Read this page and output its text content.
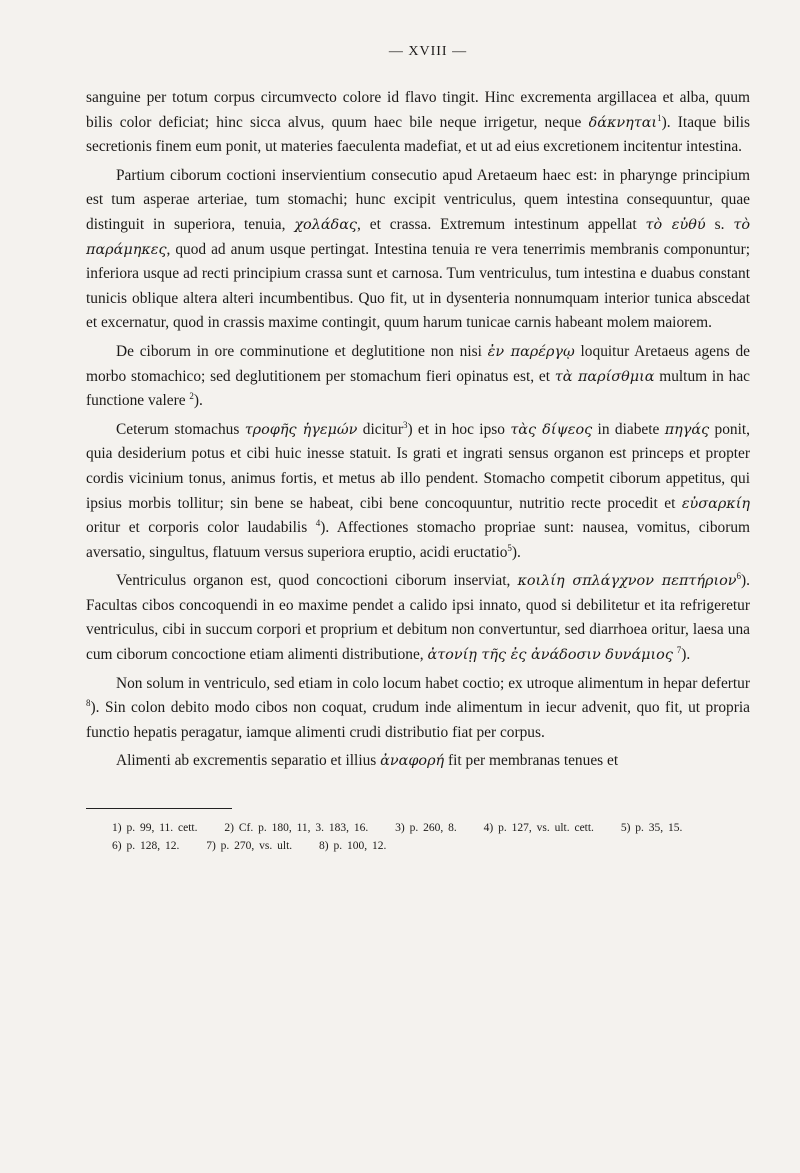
— XVIII —

sanguine per totum corpus circumvecto colore id flavo tingit. Hinc excrementa argillacea et alba, quum bilis color deficiat; hinc sicca alvus, quum haec bile neque irrigetur, neque δάκνηται$^1$). Itaque bilis secretionis finem eum ponit, ut materies faeculenta madefiat, et ut ad eius excretionem incitentur intestina.

Partium ciborum coctioni inservientium consecutio apud Aretaeum haec est: in pharynge principium est tum asperae arteriae, tum stomachi; hunc excipit ventriculus, quem intestina consequuntur, quae distinguit in superiora, tenuia, χολάδας, et crassa. Extremum intestinum appellat τὸ εὐθύ s. τὸ παράμηκες, quod ad anum usque pertingat. Intestina tenuia re vera tenerrimis membranis componuntur; inferiora usque ad recti principium crassa sunt et carnosa. Tum ventriculus, tum intestina e duabus constant tunicis oblique altera alteri incumbentibus. Quo fit, ut in dysenteria nonnumquam interior tunica abscedat et excernatur, quod in crassis maxime contingit, quum harum tunicae carnis habeant molem maiorem.

De ciborum in ore comminutione et deglutitione non nisi ἐν παρέργῳ loquitur Aretaeus agens de morbo stomachico; sed deglutitionem per stomachum fieri opinatus est, et τὰ παρίσθμια multum in hac functione valere $^2$).

Ceterum stomachus τροφῆς ἡγεμών dicitur$^3$) et in hoc ipso τὰς δίψεος in diabete πηγάς ponit, quia desiderium potus et cibi huic inesse statuit. Is grati et ingrati sensus organon est princeps et propter cordis vicinium tonus, animus fortis, et metus ab illo pendent. Stomacho competit ciborum appetitus, qui ipsius morbis tollitur; sin bene se habeat, cibi bene concoquuntur, nutritio recte procedit et εὐσαρκίη oritur et corporis color laudabilis $^4$). Affectiones stomacho propriae sunt: nausea, vomitus, ciborum aversatio, singultus, flatuum versus superiora eruptio, acidi eructatio$^5$).

Ventriculus organon est, quod concoctioni ciborum inserviat, κοιλίη σπλάγχνον πεπτήριον$^6$). Facultas cibos concoquendi in eo maxime pendet a calido ipsi innato, quod si debilitetur et ita refrigeretur ventriculus, cibi in succum corpori et proprium et debitum non convertuntur, sed diarrhoea oritur, laesa una cum ciborum concoctione etiam alimenti distributione, ἀτονίῃ τῆς ἐς ἀνάδοσιν δυνάμιος $^7$).

Non solum in ventriculo, sed etiam in colo locum habet coctio; ex utroque alimentum in hepar defertur $^8$). Sin colon debito modo cibos non coquat, crudum inde alimentum in iecur advenit, quo fit, ut propria functio hepatis peragatur, iamque alimenti crudi distributio fiat per corpus.

Alimenti ab excrementis separatio et illius ἀναφορή fit per membranas tenues et

1) p. 99, 11. cett. 2) Cf. p. 180, 11, 3. 183, 16. 3) p. 260, 8. 4) p. 127, vs. ult. cett. 5) p. 35, 15.
6) p. 128, 12. 7) p. 270, vs. ult. 8) p. 100, 12.
